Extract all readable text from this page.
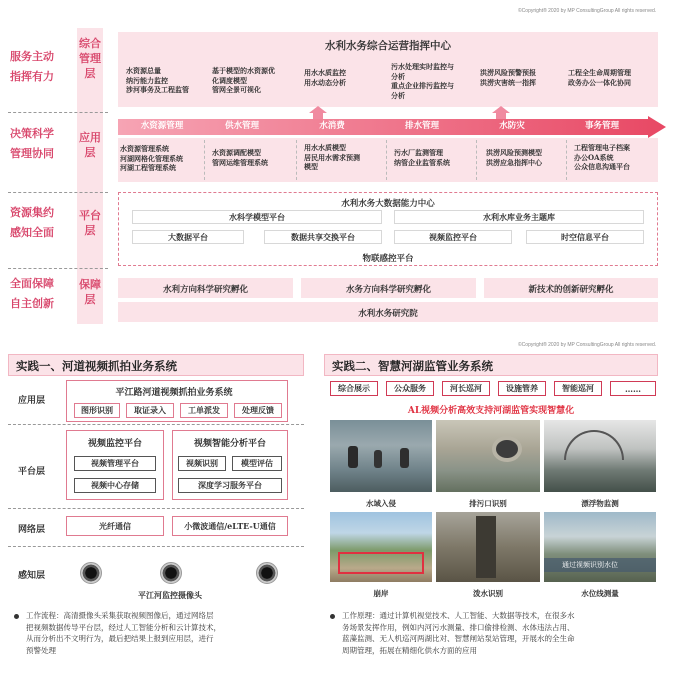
©Copyright® 2020 by MP ConsultingGroup All rights reserved.
服务主动
指挥有力
决策科学
管理协同
资源集约
感知全面
全面保障
自主创新
综合
管理
层
应用
层
平台
层
保障
层
水利水务综合运营指挥中心
水资源总量
纳污能力监控
涉河事务及工程监管
基于模型的水资源优
化调度模型
管网全景可视化
用水水质监控
用水动态分析
污水处理实时监控与
分析
重点企业排污监控与
分析
洪涝风险预警预报
洪涝灾害统一指挥
工程全生命周期管理
政务办公一体化协同
水资源管理	供水管理	水消费	排水管理	水防灾	事务管理
水资源管理系统
河湖网格化管理系统
河湖工程管理系统
水资源调配模型
管网运维管理系统
用水水质模型
居民用水需求预测
模型
污水厂监测管理
纳管企业监管系统
洪涝风险预测模型
洪涝应急指挥中心
工程管理电子档案
办公OA系统
公众信息沟通平台
水利水务大数据能力中心
水科学模型平台	水利水库业务主题库
大数据平台	数据共享交换平台	视频监控平台	时空信息平台
物联感控平台
水利方向科学研究孵化	水务方向科学研究孵化	新技术的创新研究孵化
水利水务研究院
实践一、河道视频抓拍业务系统
应用层
平台层
网络层
感知层
平江路河道视频抓拍业务系统
图形识别	取证录入	工单派发	处理反馈
视频监控平台
视频管理平台
视频中心存储
视频智能分析平台
视频识别	模型评估
深度学习服务平台
光纤通信	小微波通信/eLTE-U通信
平江河监控摄像头
工作流程：高清摄像头采集获取视频图像后，通过网络层
把视频数据传导平台层，经过人工智能分析和云计算技术，
从而分析出不文明行为，最后把结果上报到应用层，进行
预警处理
©Copyright® 2020 by MP ConsultingGroup All rights reserved.
实践二、智慧河湖监管业务系统
综合展示	公众服务	河长巡河	设施管养	智能巡河	……
AL视频分析高效支持河湖监管实现智慧化
水域入侵	排污口识别	漂浮物监测
通过视频识别水位
崩岸	泼水识别	水位线测量
工作原理：通过计算机视觉技术、人工智能、大数据等技术，在很多水
务场景发挥作用，例如内河污水测量、排口偷排检测、水体违法占用、
蓝藻监测、无人机巡河两湖比对、智慧闸站泵站管理，开展水的全生命
周期管理，拓展在精细化供水方面的应用
